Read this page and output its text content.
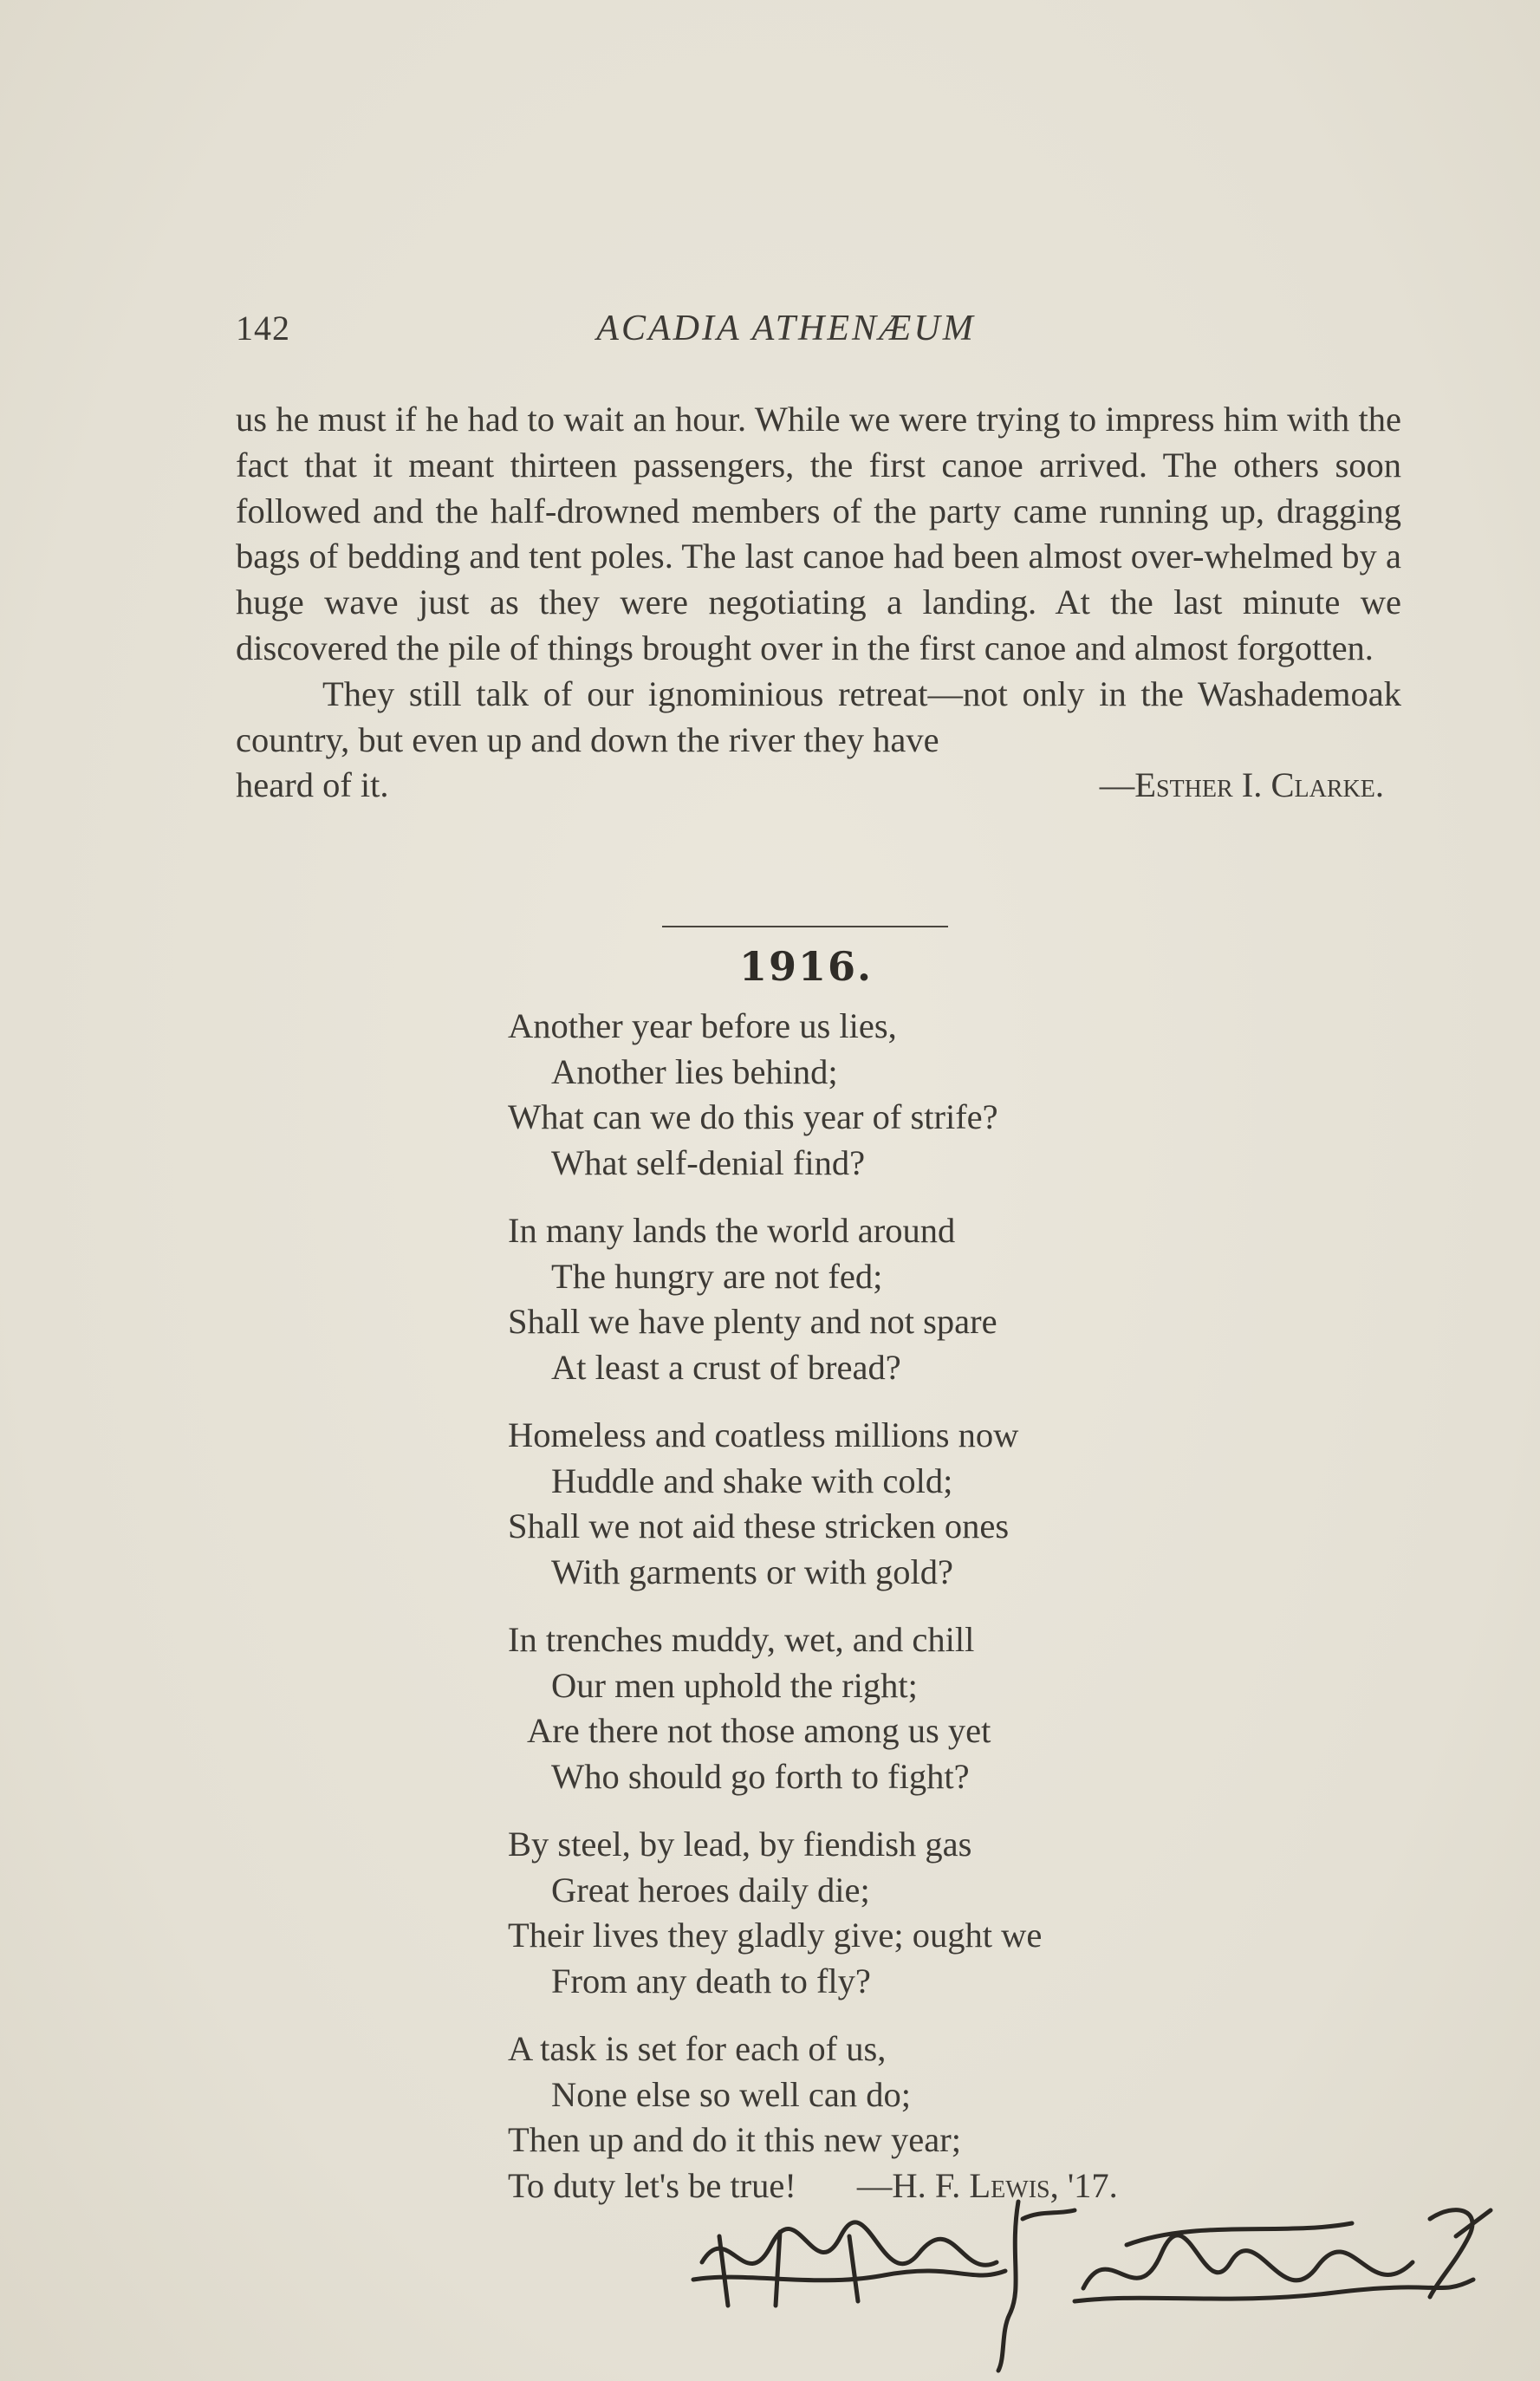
142	ACADIA ATHENÆUM

us he must if he had to wait an hour. While we were trying to impress him with the fact that it meant thirteen passengers, the first canoe arrived. The others soon followed and the half-drowned members of the party came running up, dragging bags of bedding and tent poles. The last canoe had been almost over-whelmed by a huge wave just as they were negotiating a landing. At the last minute we discovered the pile of things brought over in the first canoe and almost forgotten.

They still talk of our ignominious retreat—not only in the Washademoak country, but even up and down the river they have

heard of it.	—Esther I. Clarke.
1916.
Another year before us lies,
Another lies behind;
What can we do this year of strife?
What self-denial find?
In many lands the world around
The hungry are not fed;
Shall we have plenty and not spare
At least a crust of bread?
Homeless and coatless millions now
Huddle and shake with cold;
Shall we not aid these stricken ones
With garments or with gold?
In trenches muddy, wet, and chill
Our men uphold the right;
Are there not those among us yet
Who should go forth to fight?
By steel, by lead, by fiendish gas
Great heroes daily die;
Their lives they gladly give; ought we
From any death to fly?
A task is set for each of us,
None else so well can do;
Then up and do it this new year;
To duty let's be true! —H. F. Lewis, '17.
